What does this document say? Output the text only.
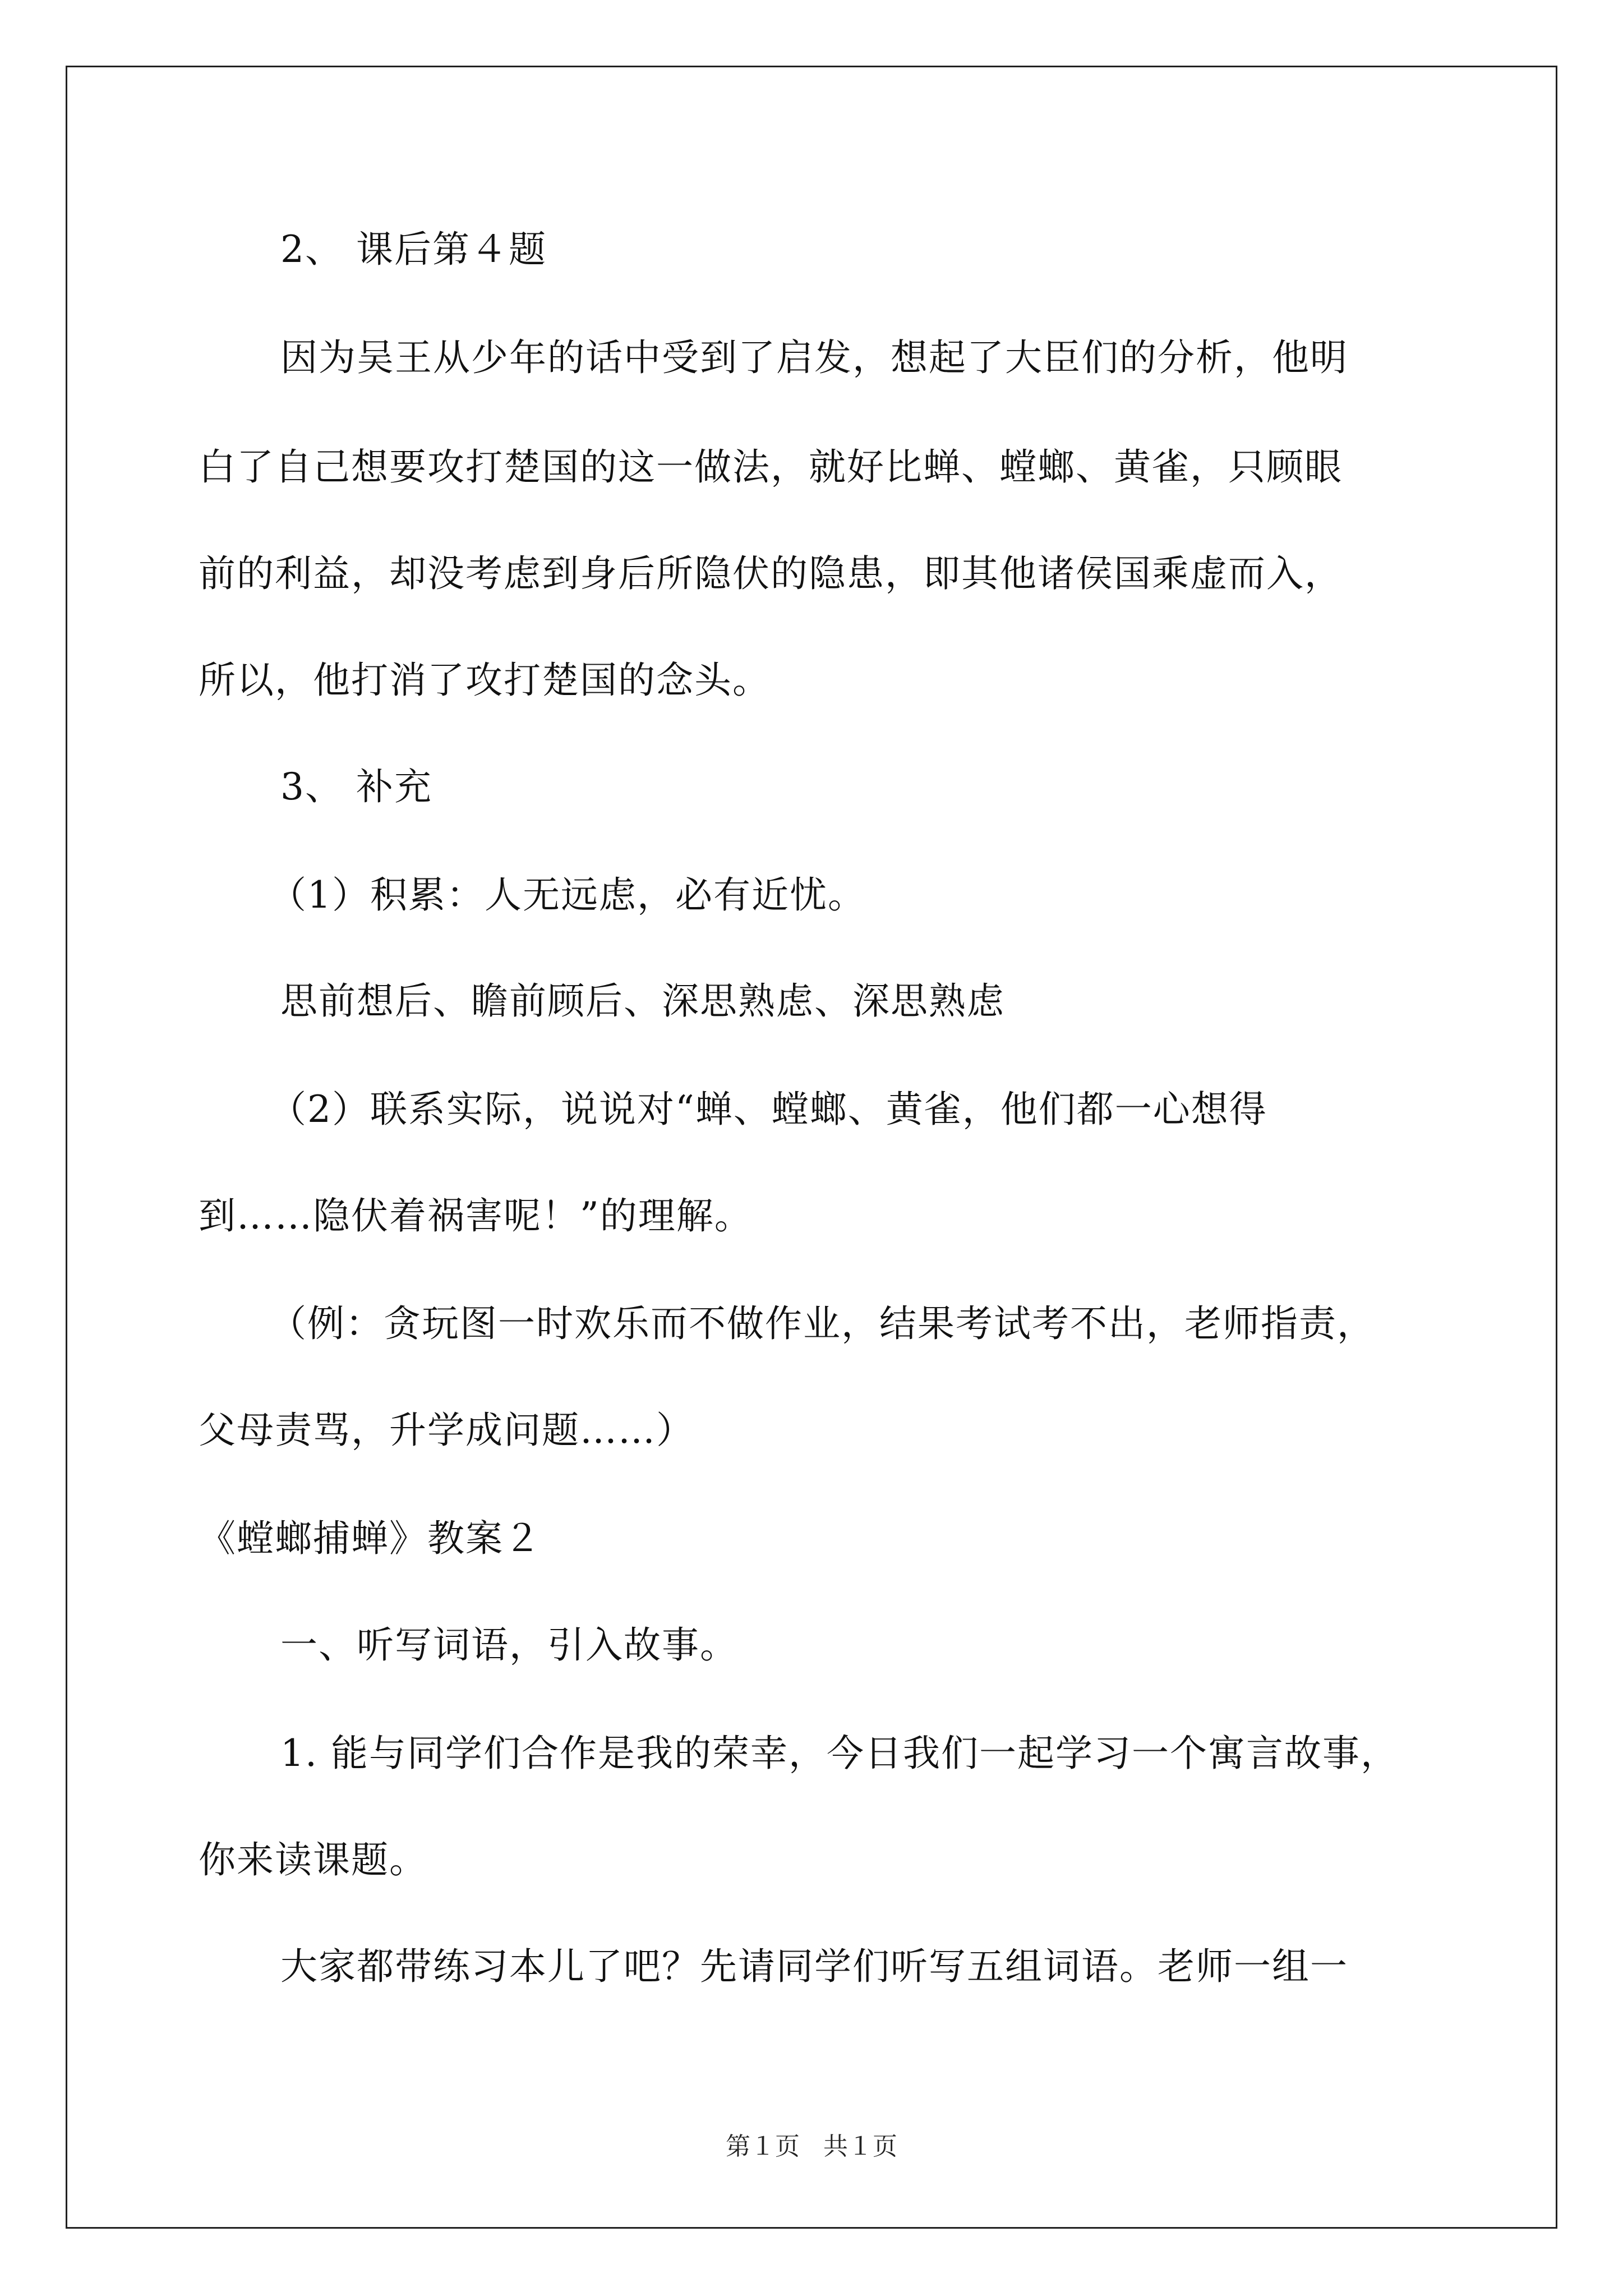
2、 课后第４题
因为吴王从少年的话中受到了启发，想起了大臣们的分析，他明
白了自己想要攻打楚国的这一做法，就好比蝉、螳螂、黄雀，只顾眼
前的利益，却没考虑到身后所隐伏的隐患，即其他诸侯国乘虚而入，
所以，他打消了攻打楚国的念头。
3、 补充
（1）积累：人无远虑，必有近忧。
思前想后、瞻前顾后、深思熟虑、深思熟虑
（2）联系实际，说说对“蝉、螳螂、黄雀，他们都一心想得
到……隐伏着祸害呢！”的理解。
（例：贪玩图一时欢乐而不做作业，结果考试考不出，老师指责，
父母责骂，升学成问题……）
《螳螂捕蝉》教案２
一、听写词语，引入故事。
1. 能与同学们合作是我的荣幸，今日我们一起学习一个寓言故事，
你来读课题。
大家都带练习本儿了吧？先请同学们听写五组词语。老师一组一
第１页 共１页
